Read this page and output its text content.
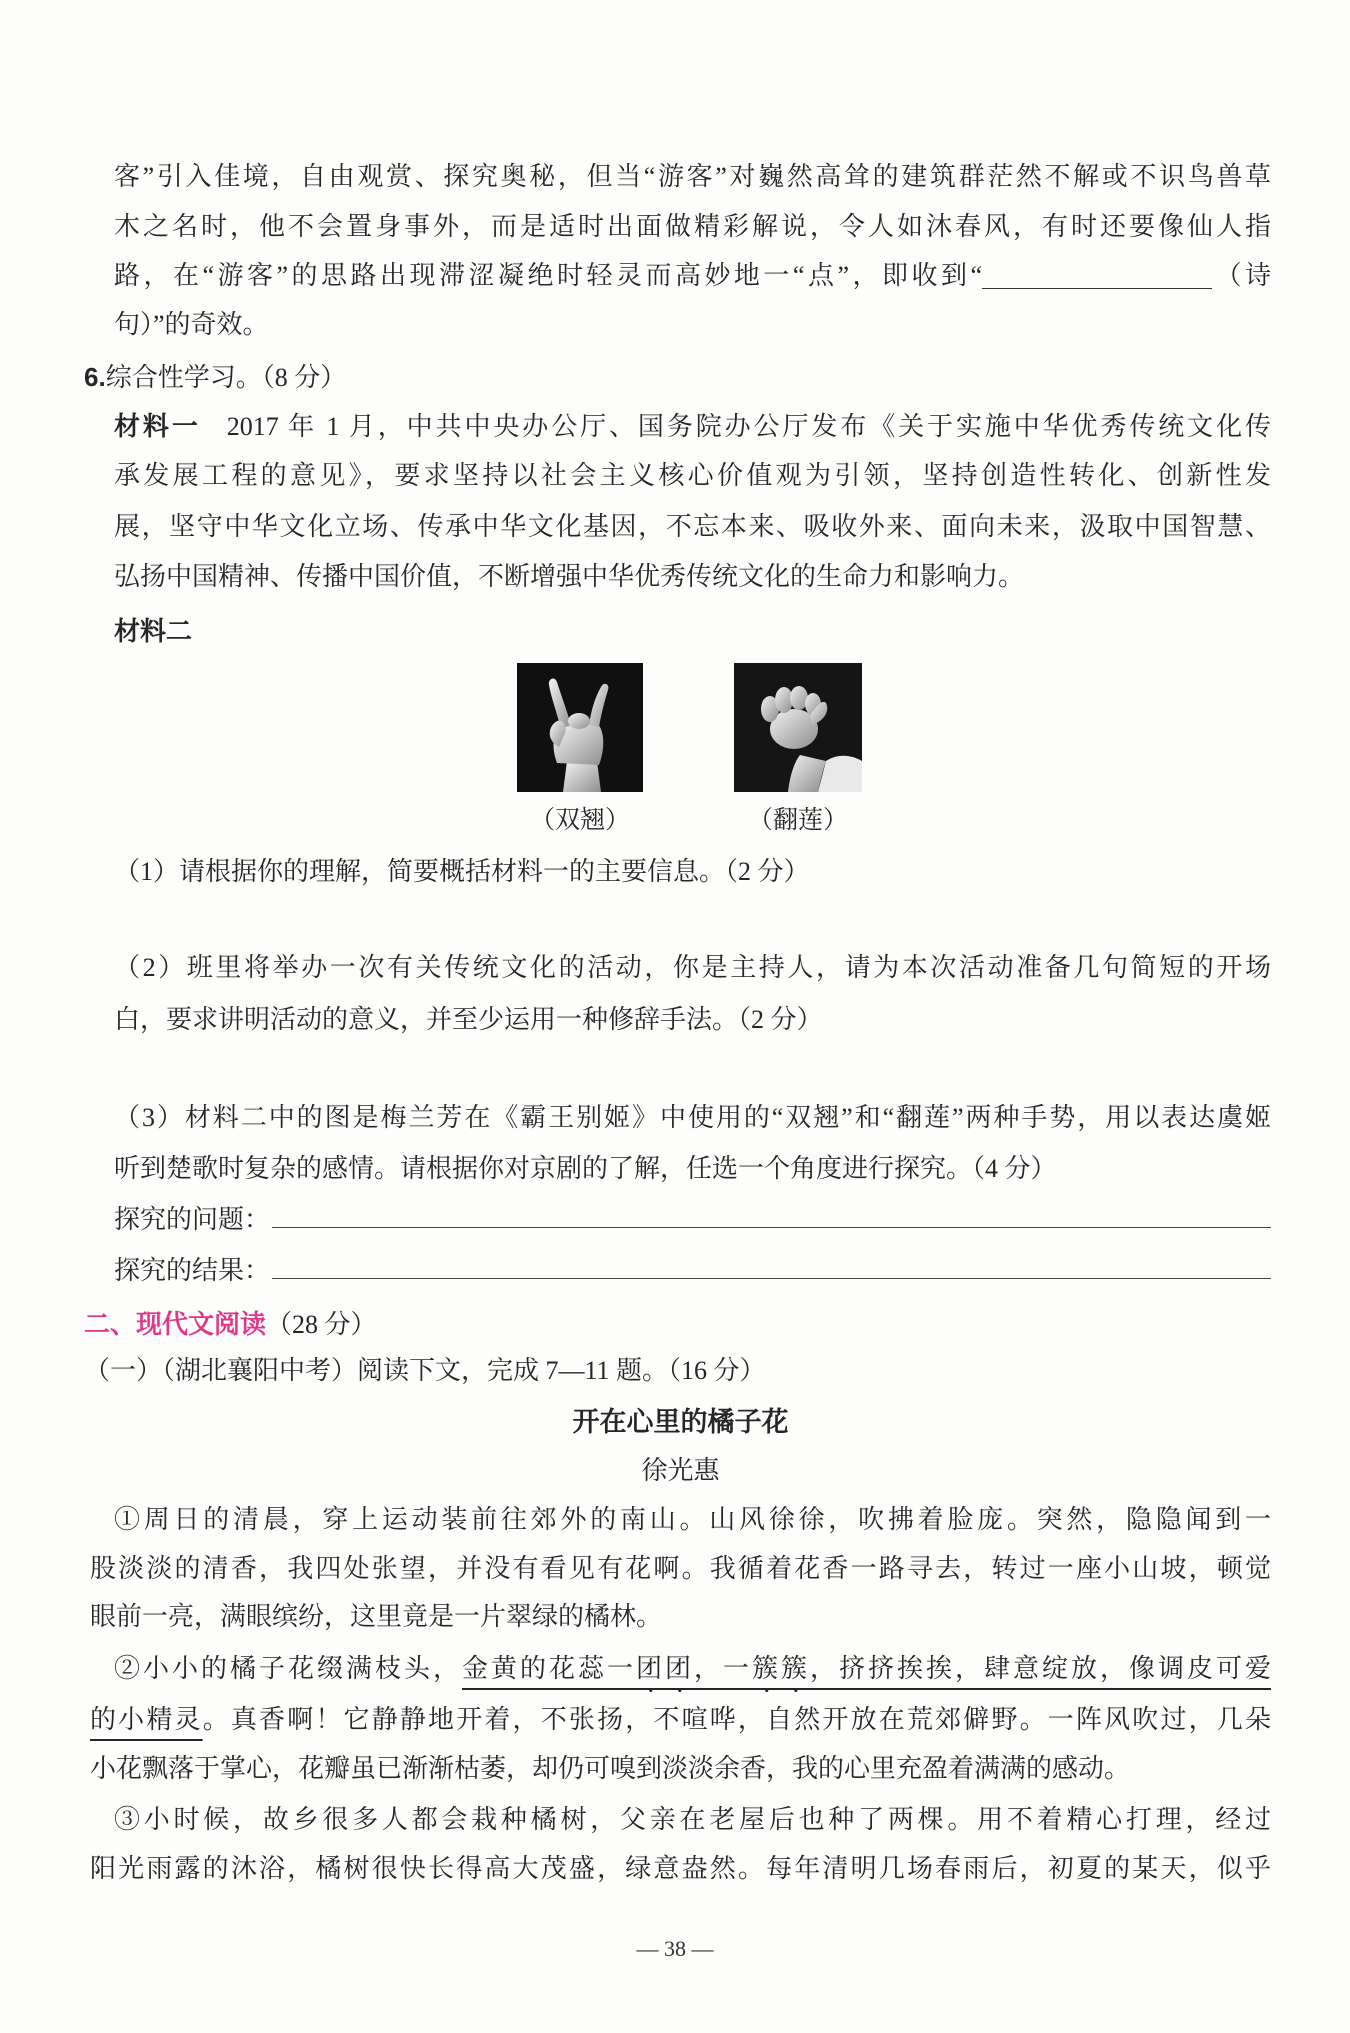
客”引入佳境，自由观赏、探究奥秘，但当“游客”对巍然高耸的建筑群茫然不解或不识鸟兽草
木之名时，他不会置身事外，而是适时出面做精彩解说，令人如沐春风，有时还要像仙人指
路，在“游客”的思路出现滞涩凝绝时轻灵而高妙地一“点”，即收到“	（诗
句）”的奇效。
6.综合性学习。（8 分）
材料一 2017 年 1 月，中共中央办公厅、国务院办公厅发布《关于实施中华优秀传统文化传
承发展工程的意见》，要求坚持以社会主义核心价值观为引领，坚持创造性转化、创新性发
展，坚守中华文化立场、传承中华文化基因，不忘本来、吸收外来、面向未来，汲取中国智慧、
弘扬中国精神、传播中国价值，不断增强中华优秀传统文化的生命力和影响力。
材料二
（双翘）	（翻莲）
（1）请根据你的理解，简要概括材料一的主要信息。（2 分）
（2）班里将举办一次有关传统文化的活动，你是主持人，请为本次活动准备几句简短的开场
白，要求讲明活动的意义，并至少运用一种修辞手法。（2 分）
（3）材料二中的图是梅兰芳在《霸王别姬》中使用的“双翘”和“翻莲”两种手势，用以表达虞姬
听到楚歌时复杂的感情。请根据你对京剧的了解，任选一个角度进行探究。（4 分）
探究的问题：
探究的结果：
二、现代文阅读（28 分）
（一）（湖北襄阳中考）阅读下文，完成 7—11 题。（16 分）
开在心里的橘子花
徐光惠
①周日的清晨，穿上运动装前往郊外的南山。山风徐徐，吹拂着脸庞。突然，隐隐闻到一
股淡淡的清香，我四处张望，并没有看见有花啊。我循着花香一路寻去，转过一座小山坡，顿觉
眼前一亮，满眼缤纷，这里竟是一片翠绿的橘林。
②小小的橘子花缀满枝头，金黄的花蕊一团团，一簇簇，挤挤挨挨，肆意绽放，像调皮可爱
的小精灵。真香啊！它静静地开着，不张扬，不喧哗，自然开放在荒郊僻野。一阵风吹过，几朵
小花飘落于掌心，花瓣虽已渐渐枯萎，却仍可嗅到淡淡余香，我的心里充盈着满满的感动。
③小时候，故乡很多人都会栽种橘树，父亲在老屋后也种了两棵。用不着精心打理，经过
阳光雨露的沐浴，橘树很快长得高大茂盛，绿意盎然。每年清明几场春雨后，初夏的某天，似乎
— 38 —
